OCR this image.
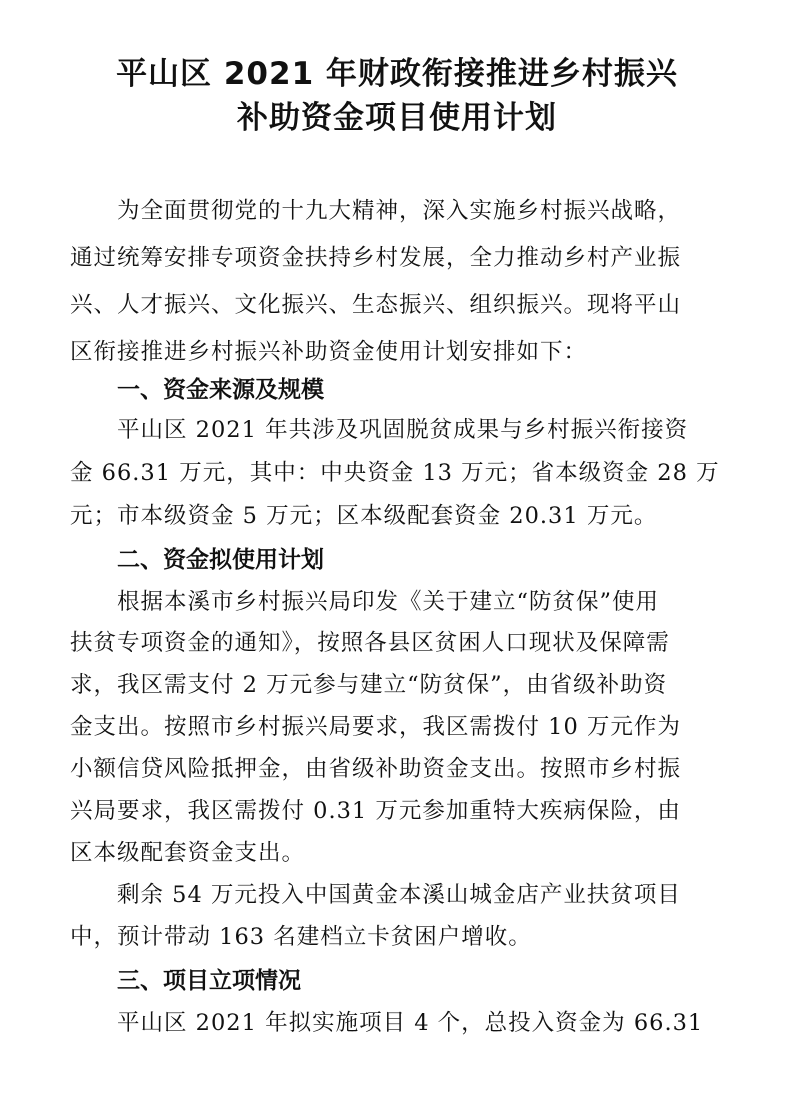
平山区 2021 年财政衔接推进乡村振兴
补助资金项目使用计划
为全面贯彻党的十九大精神，深入实施乡村振兴战略，
通过统筹安排专项资金扶持乡村发展，全力推动乡村产业振
兴、人才振兴、文化振兴、生态振兴、组织振兴。现将平山
区衔接推进乡村振兴补助资金使用计划安排如下：
一、资金来源及规模
平山区 2021 年共涉及巩固脱贫成果与乡村振兴衔接资
金 66.31 万元，其中：中央资金 13 万元；省本级资金 28 万
元；市本级资金 5 万元；区本级配套资金 20.31 万元。
二、资金拟使用计划
根据本溪市乡村振兴局印发《关于建立“防贫保”使用
扶贫专项资金的通知》，按照各县区贫困人口现状及保障需
求，我区需支付 2 万元参与建立“防贫保”，由省级补助资
金支出。按照市乡村振兴局要求，我区需拨付 10 万元作为
小额信贷风险抵押金，由省级补助资金支出。按照市乡村振
兴局要求，我区需拨付 0.31 万元参加重特大疾病保险，由
区本级配套资金支出。
剩余 54 万元投入中国黄金本溪山城金店产业扶贫项目
中，预计带动 163 名建档立卡贫困户增收。
三、项目立项情况
平山区 2021 年拟实施项目 4 个，总投入资金为 66.31
